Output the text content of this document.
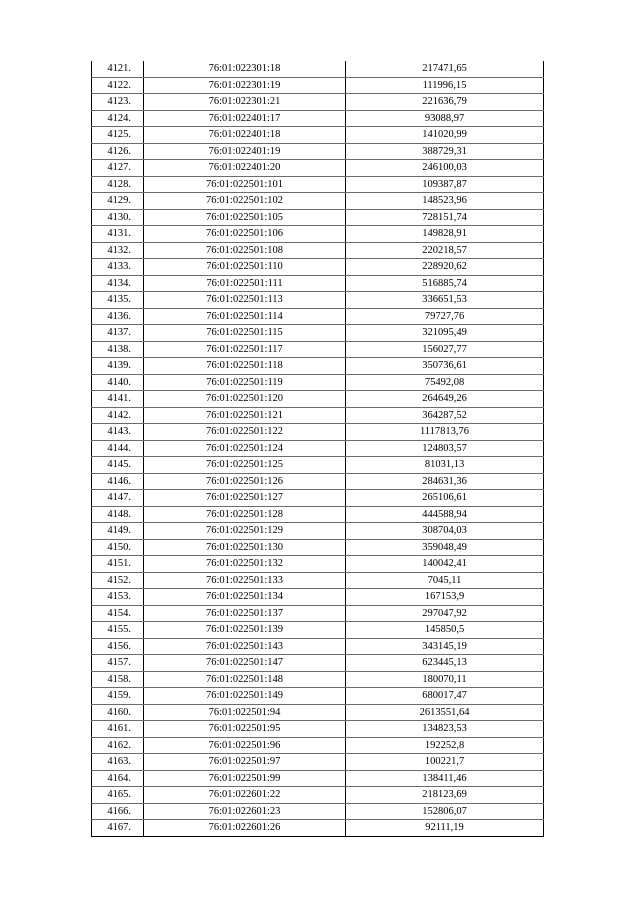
4121.	76:01:022301:18	217471,65
4122.	76:01:022301:19	111996,15
4123.	76:01:022301:21	221636,79
4124.	76:01:022401:17	93088,97
4125.	76:01:022401:18	141020,99
4126.	76:01:022401:19	388729,31
4127.	76:01:022401:20	246100,03
4128.	76:01:022501:101	109387,87
4129.	76:01:022501:102	148523,96
4130.	76:01:022501:105	728151,74
4131.	76:01:022501:106	149828,91
4132.	76:01:022501:108	220218,57
4133.	76:01:022501:110	228920,62
4134.	76:01:022501:111	516885,74
4135.	76:01:022501:113	336651,53
4136.	76:01:022501:114	79727,76
4137.	76:01:022501:115	321095,49
4138.	76:01:022501:117	156027,77
4139.	76:01:022501:118	350736,61
4140.	76:01:022501:119	75492,08
4141.	76:01:022501:120	264649,26
4142.	76:01:022501:121	364287,52
4143.	76:01:022501:122	1117813,76
4144.	76:01:022501:124	124803,57
4145.	76:01:022501:125	81031,13
4146.	76:01:022501:126	284631,36
4147.	76:01:022501:127	265106,61
4148.	76:01:022501:128	444588,94
4149.	76:01:022501:129	308704,03
4150.	76:01:022501:130	359048,49
4151.	76:01:022501:132	140042,41
4152.	76:01:022501:133	7045,11
4153.	76:01:022501:134	167153,9
4154.	76:01:022501:137	297047,92
4155.	76:01:022501:139	145850,5
4156.	76:01:022501:143	343145,19
4157.	76:01:022501:147	623445,13
4158.	76:01:022501:148	180070,11
4159.	76:01:022501:149	680017,47
4160.	76:01:022501:94	2613551,64
4161.	76:01:022501:95	134823,53
4162.	76:01:022501:96	192252,8
4163.	76:01:022501:97	100221,7
4164.	76:01:022501:99	138411,46
4165.	76:01:022601:22	218123,69
4166.	76:01:022601:23	152806,07
4167.	76:01:022601:26	92111,19
